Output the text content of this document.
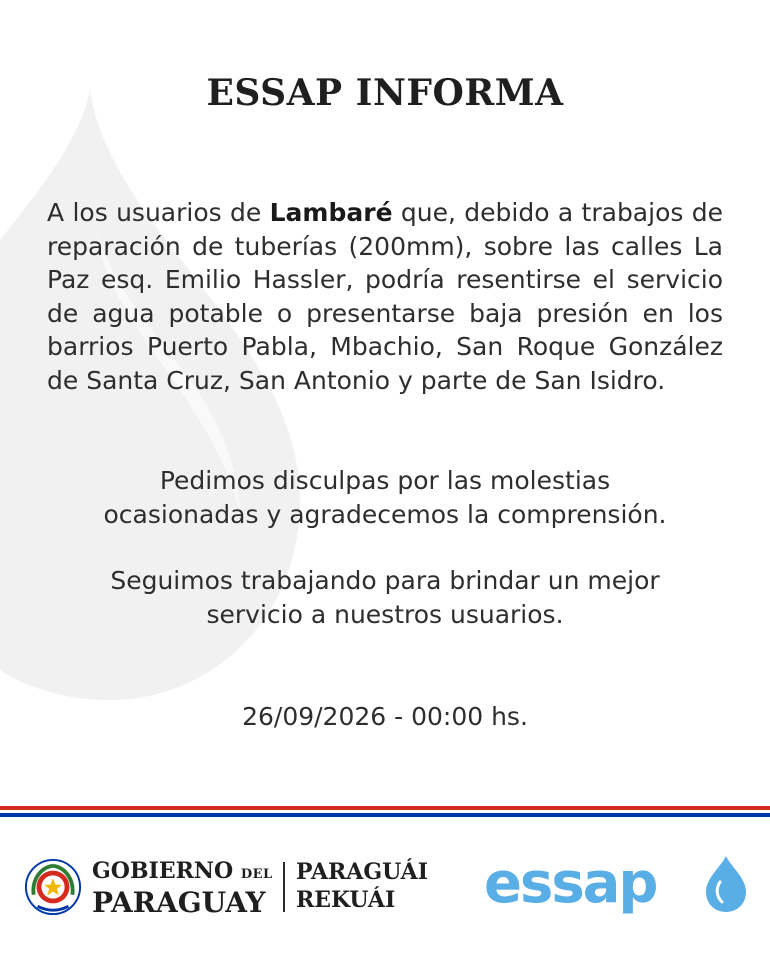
ESSAP INFORMA
A los usuarios de Lambaré que, debido a trabajos de reparación de tuberías (200mm), sobre las calles La Paz esq. Emilio Hassler, podría resentirse el servicio de agua potable o presentarse baja presión en los barrios Puerto Pabla, Mbachio, San Roque González de Santa Cruz, San Antonio y parte de San Isidro.
Pedimos disculpas por las molestias
ocasionadas y agradecemos la comprensión.
Seguimos trabajando para brindar un mejor
servicio a nuestros usuarios.
26/09/2026 - 00:00 hs.
GOBIERNO DEL
PARAGUAY
PARAGUÁI
REKUÁI	essap
